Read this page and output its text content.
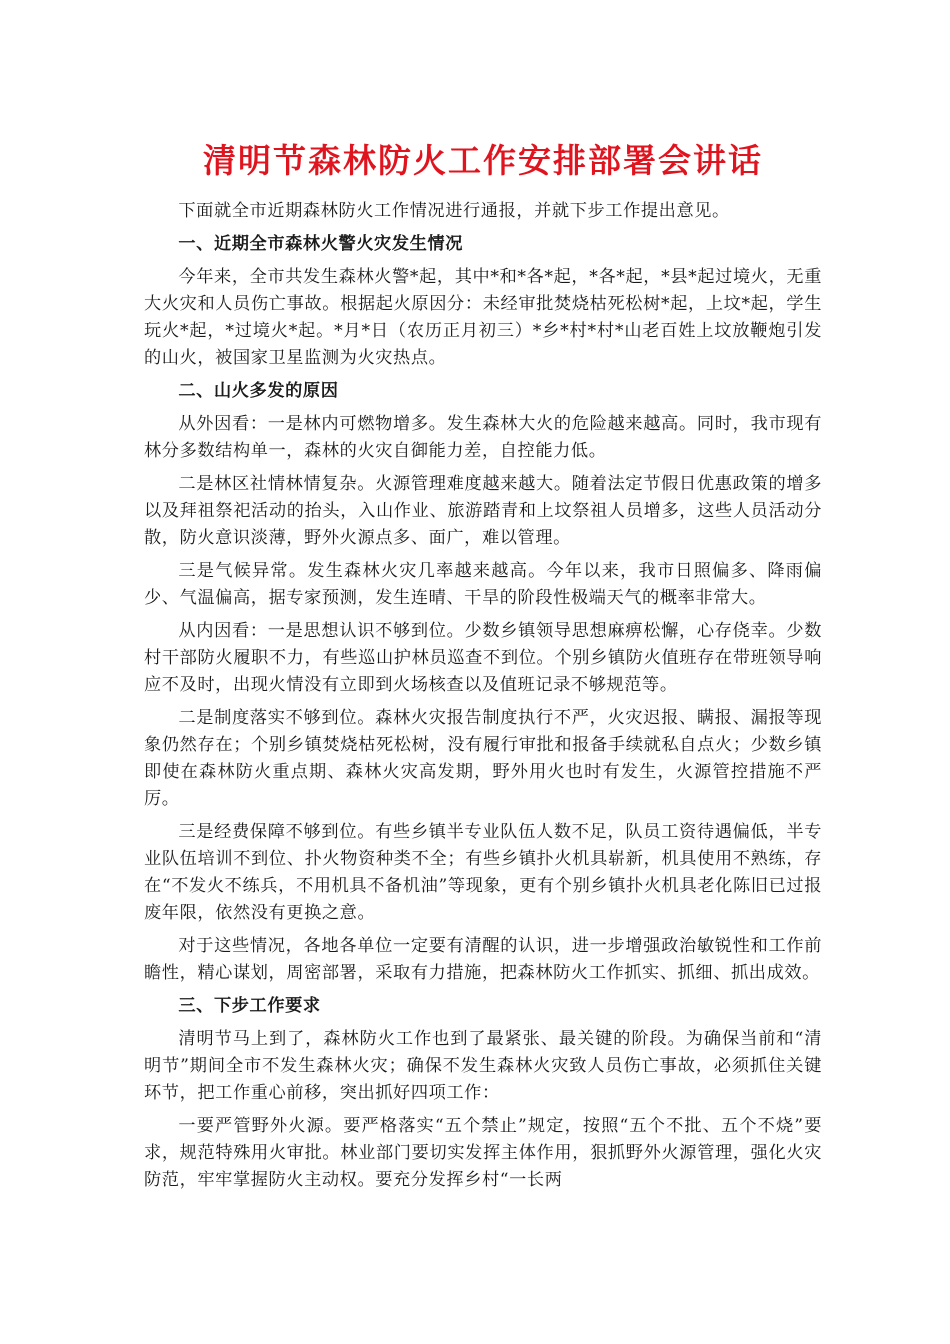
清明节森林防火工作安排部署会讲话

下面就全市近期森林防火工作情况进行通报，并就下步工作提出意见。

一、近期全市森林火警火灾发生情况

今年来，全市共发生森林火警*起，其中*和*各*起，*各*起，*县*起过境火，无重大火灾和人员伤亡事故。根据起火原因分：未经审批焚烧枯死松树*起，上坟*起，学生玩火*起，*过境火*起。*月*日（农历正月初三）*乡*村*村*山老百姓上坟放鞭炮引发的山火，被国家卫星监测为火灾热点。

二、山火多发的原因

从外因看：一是林内可燃物增多。发生森林大火的危险越来越高。同时，我市现有林分多数结构单一，森林的火灾自御能力差，自控能力低。

二是林区社情林情复杂。火源管理难度越来越大。随着法定节假日优惠政策的增多以及拜祖祭祀活动的抬头，入山作业、旅游踏青和上坟祭祖人员增多，这些人员活动分散，防火意识淡薄，野外火源点多、面广，难以管理。

三是气候异常。发生森林火灾几率越来越高。今年以来，我市日照偏多、降雨偏少、气温偏高，据专家预测，发生连晴、干旱的阶段性极端天气的概率非常大。

从内因看：一是思想认识不够到位。少数乡镇领导思想麻痹松懈，心存侥幸。少数村干部防火履职不力，有些巡山护林员巡查不到位。个别乡镇防火值班存在带班领导响应不及时，出现火情没有立即到火场核查以及值班记录不够规范等。

二是制度落实不够到位。森林火灾报告制度执行不严，火灾迟报、瞒报、漏报等现象仍然存在；个别乡镇焚烧枯死松树，没有履行审批和报备手续就私自点火；少数乡镇即使在森林防火重点期、森林火灾高发期，野外用火也时有发生，火源管控措施不严厉。

三是经费保障不够到位。有些乡镇半专业队伍人数不足，队员工资待遇偏低，半专业队伍培训不到位、扑火物资种类不全；有些乡镇扑火机具崭新，机具使用不熟练，存在“不发火不练兵，不用机具不备机油”等现象，更有个别乡镇扑火机具老化陈旧已过报废年限，依然没有更换之意。

对于这些情况，各地各单位一定要有清醒的认识，进一步增强政治敏锐性和工作前瞻性，精心谋划，周密部署，采取有力措施，把森林防火工作抓实、抓细、抓出成效。

三、下步工作要求

清明节马上到了，森林防火工作也到了最紧张、最关键的阶段。为确保当前和“清明节”期间全市不发生森林火灾；确保不发生森林火灾致人员伤亡事故，必须抓住关键环节，把工作重心前移，突出抓好四项工作：

一要严管野外火源。要严格落实“五个禁止”规定，按照“五个不批、五个不烧”要求，规范特殊用火审批。林业部门要切实发挥主体作用，狠抓野外火源管理，强化火灾防范，牢牢掌握防火主动权。要充分发挥乡村“一长两
